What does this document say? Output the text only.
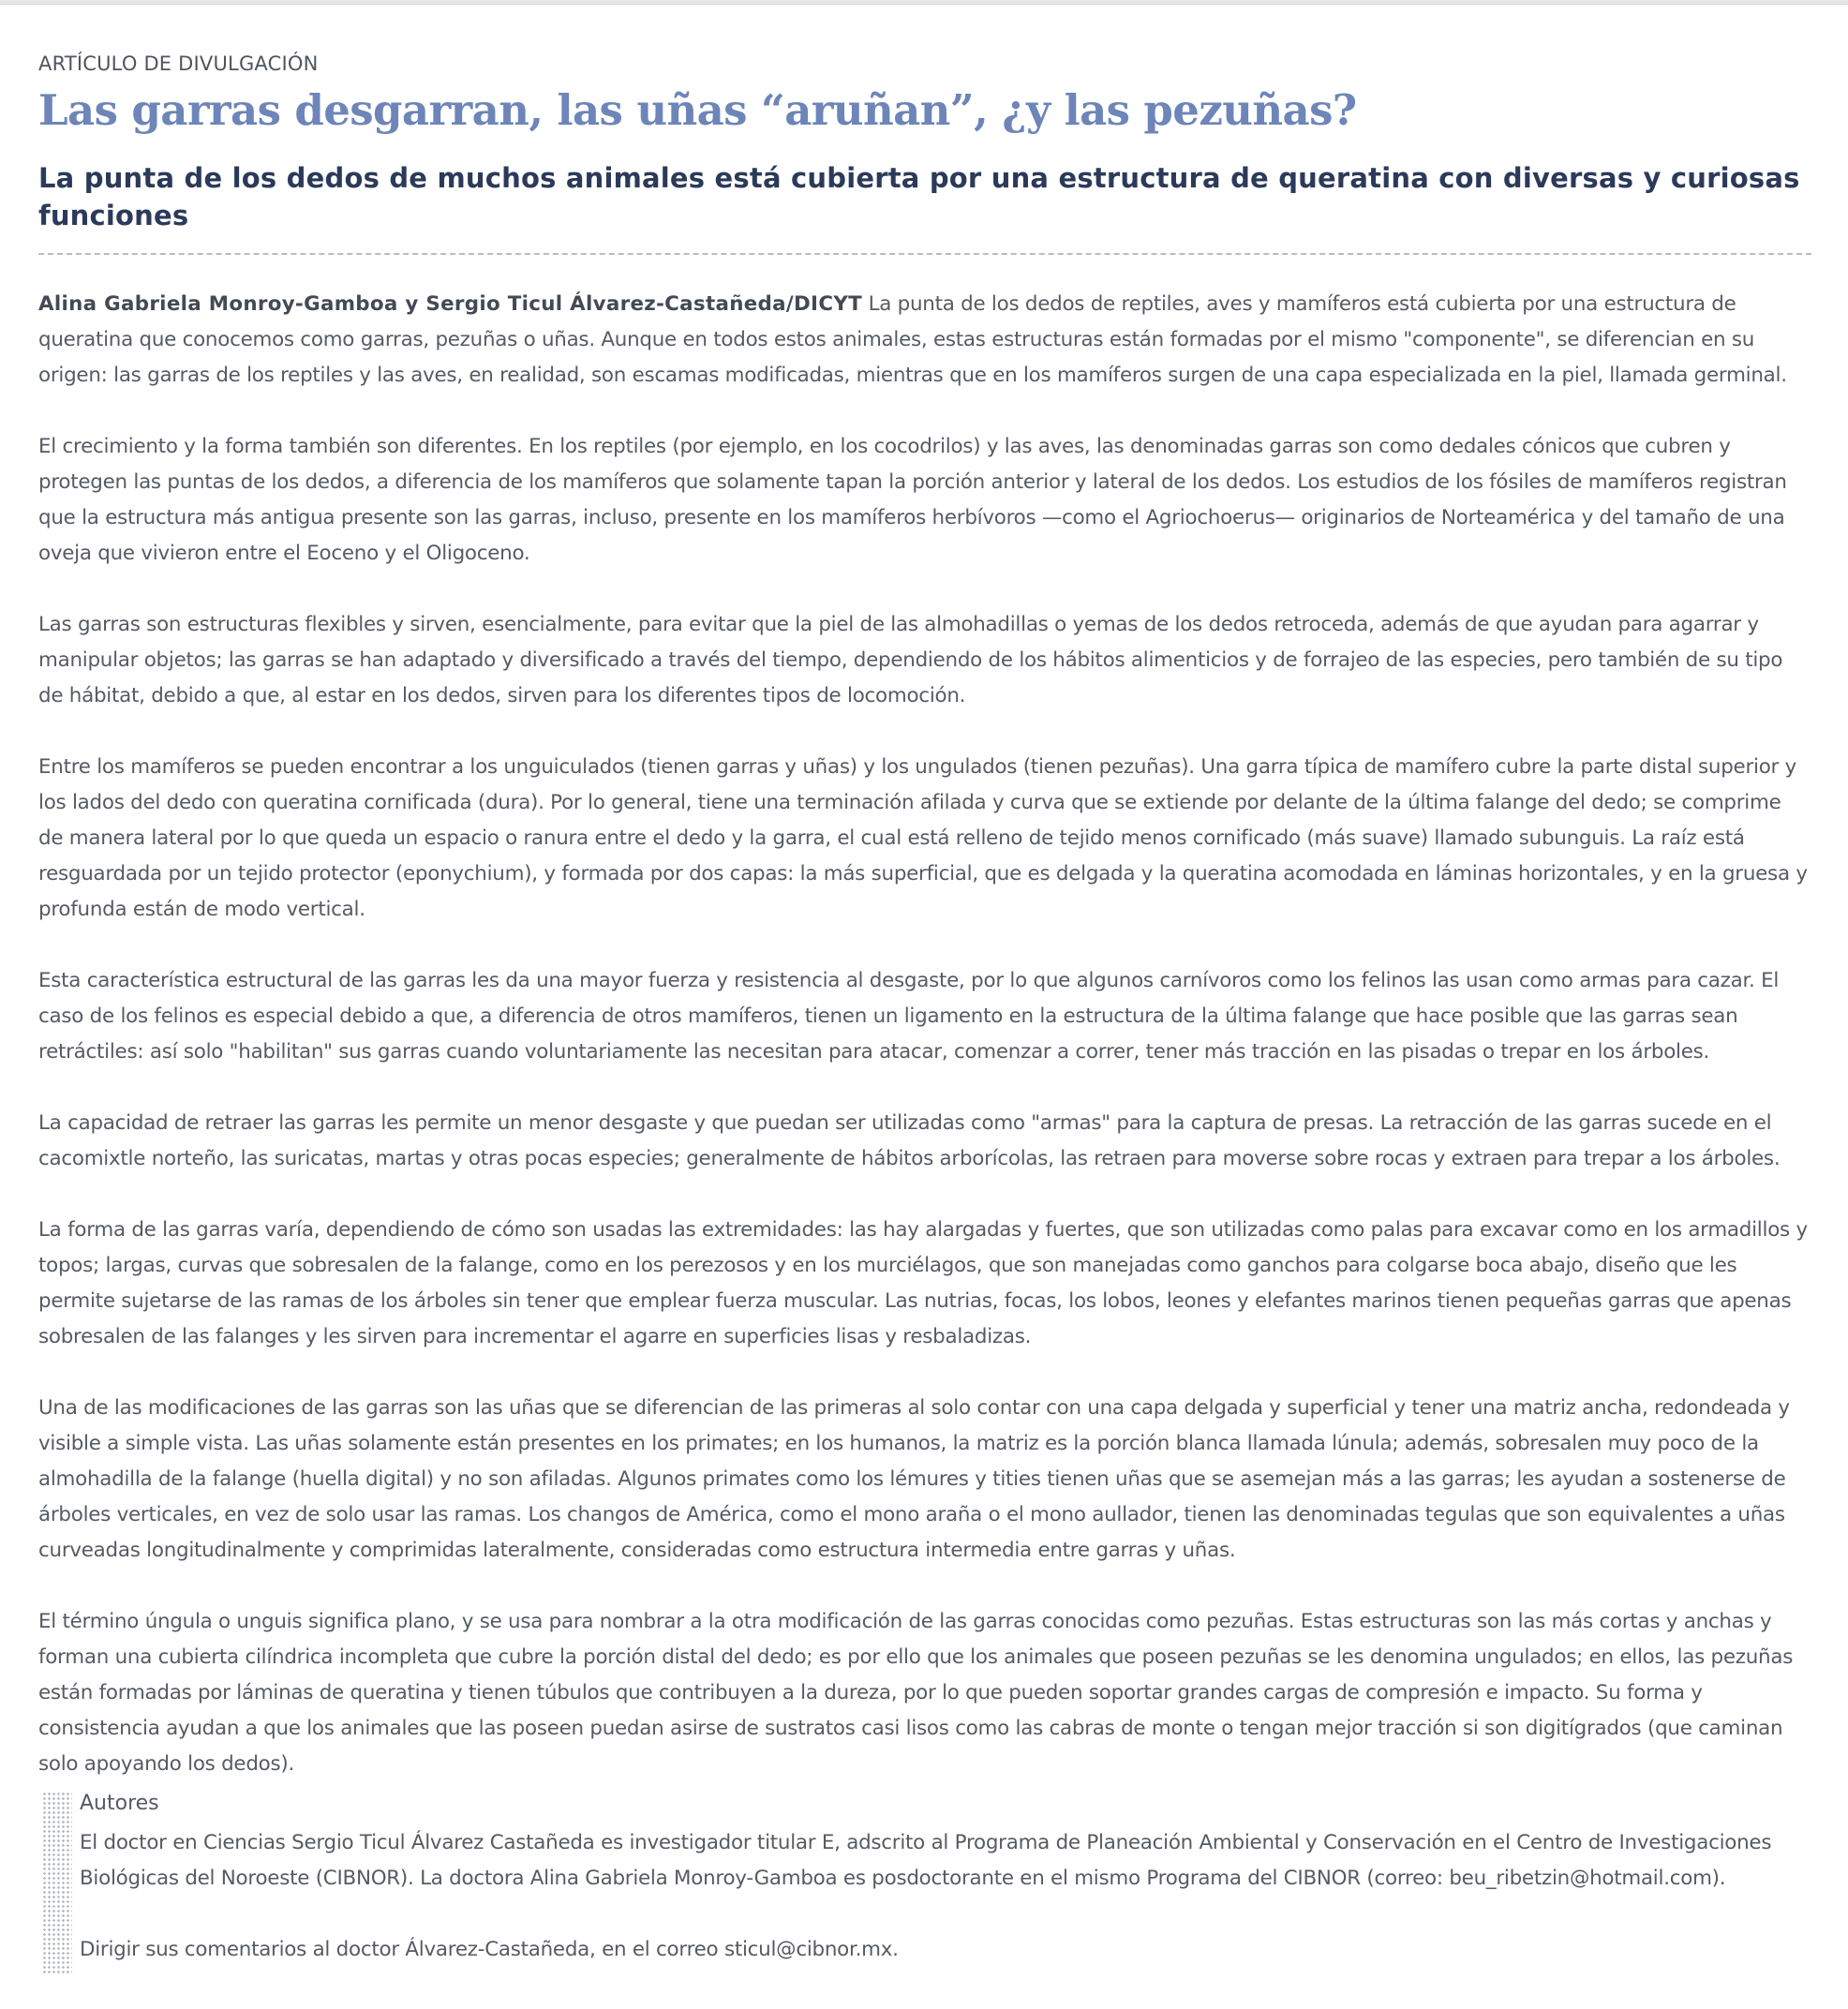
ARTÍCULO DE DIVULGACIÓN
Las garras desgarran, las uñas “aruñan”, ¿y las pezuñas?
La punta de los dedos de muchos animales está cubierta por una estructura de queratina con diversas y curiosas funciones

Alina Gabriela Monroy-Gamboa y Sergio Ticul Álvarez-Castañeda/DICYT La punta de los dedos de reptiles, aves y mamíferos está cubierta por una estructura de queratina que conocemos como garras, pezuñas o uñas. Aunque en todos estos animales, estas estructuras están formadas por el mismo "componente", se diferencian en su origen: las garras de los reptiles y las aves, en realidad, son escamas modificadas, mientras que en los mamíferos surgen de una capa especializada en la piel, llamada germinal.

El crecimiento y la forma también son diferentes. En los reptiles (por ejemplo, en los cocodrilos) y las aves, las denominadas garras son como dedales cónicos que cubren y protegen las puntas de los dedos, a diferencia de los mamíferos que solamente tapan la porción anterior y lateral de los dedos. Los estudios de los fósiles de mamíferos registran que la estructura más antigua presente son las garras, incluso, presente en los mamíferos herbívoros —como el Agriochoerus— originarios de Norteamérica y del tamaño de una oveja que vivieron entre el Eoceno y el Oligoceno.

Las garras son estructuras flexibles y sirven, esencialmente, para evitar que la piel de las almohadillas o yemas de los dedos retroceda, además de que ayudan para agarrar y manipular objetos; las garras se han adaptado y diversificado a través del tiempo, dependiendo de los hábitos alimenticios y de forrajeo de las especies, pero también de su tipo de hábitat, debido a que, al estar en los dedos, sirven para los diferentes tipos de locomoción.

Entre los mamíferos se pueden encontrar a los unguiculados (tienen garras y uñas) y los ungulados (tienen pezuñas). Una garra típica de mamífero cubre la parte distal superior y los lados del dedo con queratina cornificada (dura). Por lo general, tiene una terminación afilada y curva que se extiende por delante de la última falange del dedo; se comprime de manera lateral por lo que queda un espacio o ranura entre el dedo y la garra, el cual está relleno de tejido menos cornificado (más suave) llamado subunguis. La raíz está resguardada por un tejido protector (eponychium), y formada por dos capas: la más superficial, que es delgada y la queratina acomodada en láminas horizontales, y en la gruesa y profunda están de modo vertical.

Esta característica estructural de las garras les da una mayor fuerza y resistencia al desgaste, por lo que algunos carnívoros como los felinos las usan como armas para cazar. El caso de los felinos es especial debido a que, a diferencia de otros mamíferos, tienen un ligamento en la estructura de la última falange que hace posible que las garras sean retráctiles: así solo "habilitan" sus garras cuando voluntariamente las necesitan para atacar, comenzar a correr, tener más tracción en las pisadas o trepar en los árboles.

La capacidad de retraer las garras les permite un menor desgaste y que puedan ser utilizadas como "armas" para la captura de presas. La retracción de las garras sucede en el cacomixtle norteño, las suricatas, martas y otras pocas especies; generalmente de hábitos arborícolas, las retraen para moverse sobre rocas y extraen para trepar a los árboles.

La forma de las garras varía, dependiendo de cómo son usadas las extremidades: las hay alargadas y fuertes, que son utilizadas como palas para excavar como en los armadillos y topos; largas, curvas que sobresalen de la falange, como en los perezosos y en los murciélagos, que son manejadas como ganchos para colgarse boca abajo, diseño que les permite sujetarse de las ramas de los árboles sin tener que emplear fuerza muscular. Las nutrias, focas, los lobos, leones y elefantes marinos tienen pequeñas garras que apenas sobresalen de las falanges y les sirven para incrementar el agarre en superficies lisas y resbaladizas.

Una de las modificaciones de las garras son las uñas que se diferencian de las primeras al solo contar con una capa delgada y superficial y tener una matriz ancha, redondeada y visible a simple vista. Las uñas solamente están presentes en los primates; en los humanos, la matriz es la porción blanca llamada lúnula; además, sobresalen muy poco de la almohadilla de la falange (huella digital) y no son afiladas. Algunos primates como los lémures y tities tienen uñas que se asemejan más a las garras; les ayudan a sostenerse de árboles verticales, en vez de solo usar las ramas. Los changos de América, como el mono araña o el mono aullador, tienen las denominadas tegulas que son equivalentes a uñas curveadas longitudinalmente y comprimidas lateralmente, consideradas como estructura intermedia entre garras y uñas.

El término úngula o unguis significa plano, y se usa para nombrar a la otra modificación de las garras conocidas como pezuñas. Estas estructuras son las más cortas y anchas y forman una cubierta cilíndrica incompleta que cubre la porción distal del dedo; es por ello que los animales que poseen pezuñas se les denomina ungulados; en ellos, las pezuñas están formadas por láminas de queratina y tienen túbulos que contribuyen a la dureza, por lo que pueden soportar grandes cargas de compresión e impacto. Su forma y consistencia ayudan a que los animales que las poseen puedan asirse de sustratos casi lisos como las cabras de monte o tengan mejor tracción si son digitígrados (que caminan solo apoyando los dedos).

Autores

El doctor en Ciencias Sergio Ticul Álvarez Castañeda es investigador titular E, adscrito al Programa de Planeación Ambiental y Conservación en el Centro de Investigaciones Biológicas del Noroeste (CIBNOR). La doctora Alina Gabriela Monroy-Gamboa es posdoctorante en el mismo Programa del CIBNOR (correo: beu_ribetzin@hotmail.com).

Dirigir sus comentarios al doctor Álvarez-Castañeda, en el correo sticul@cibnor.mx.
